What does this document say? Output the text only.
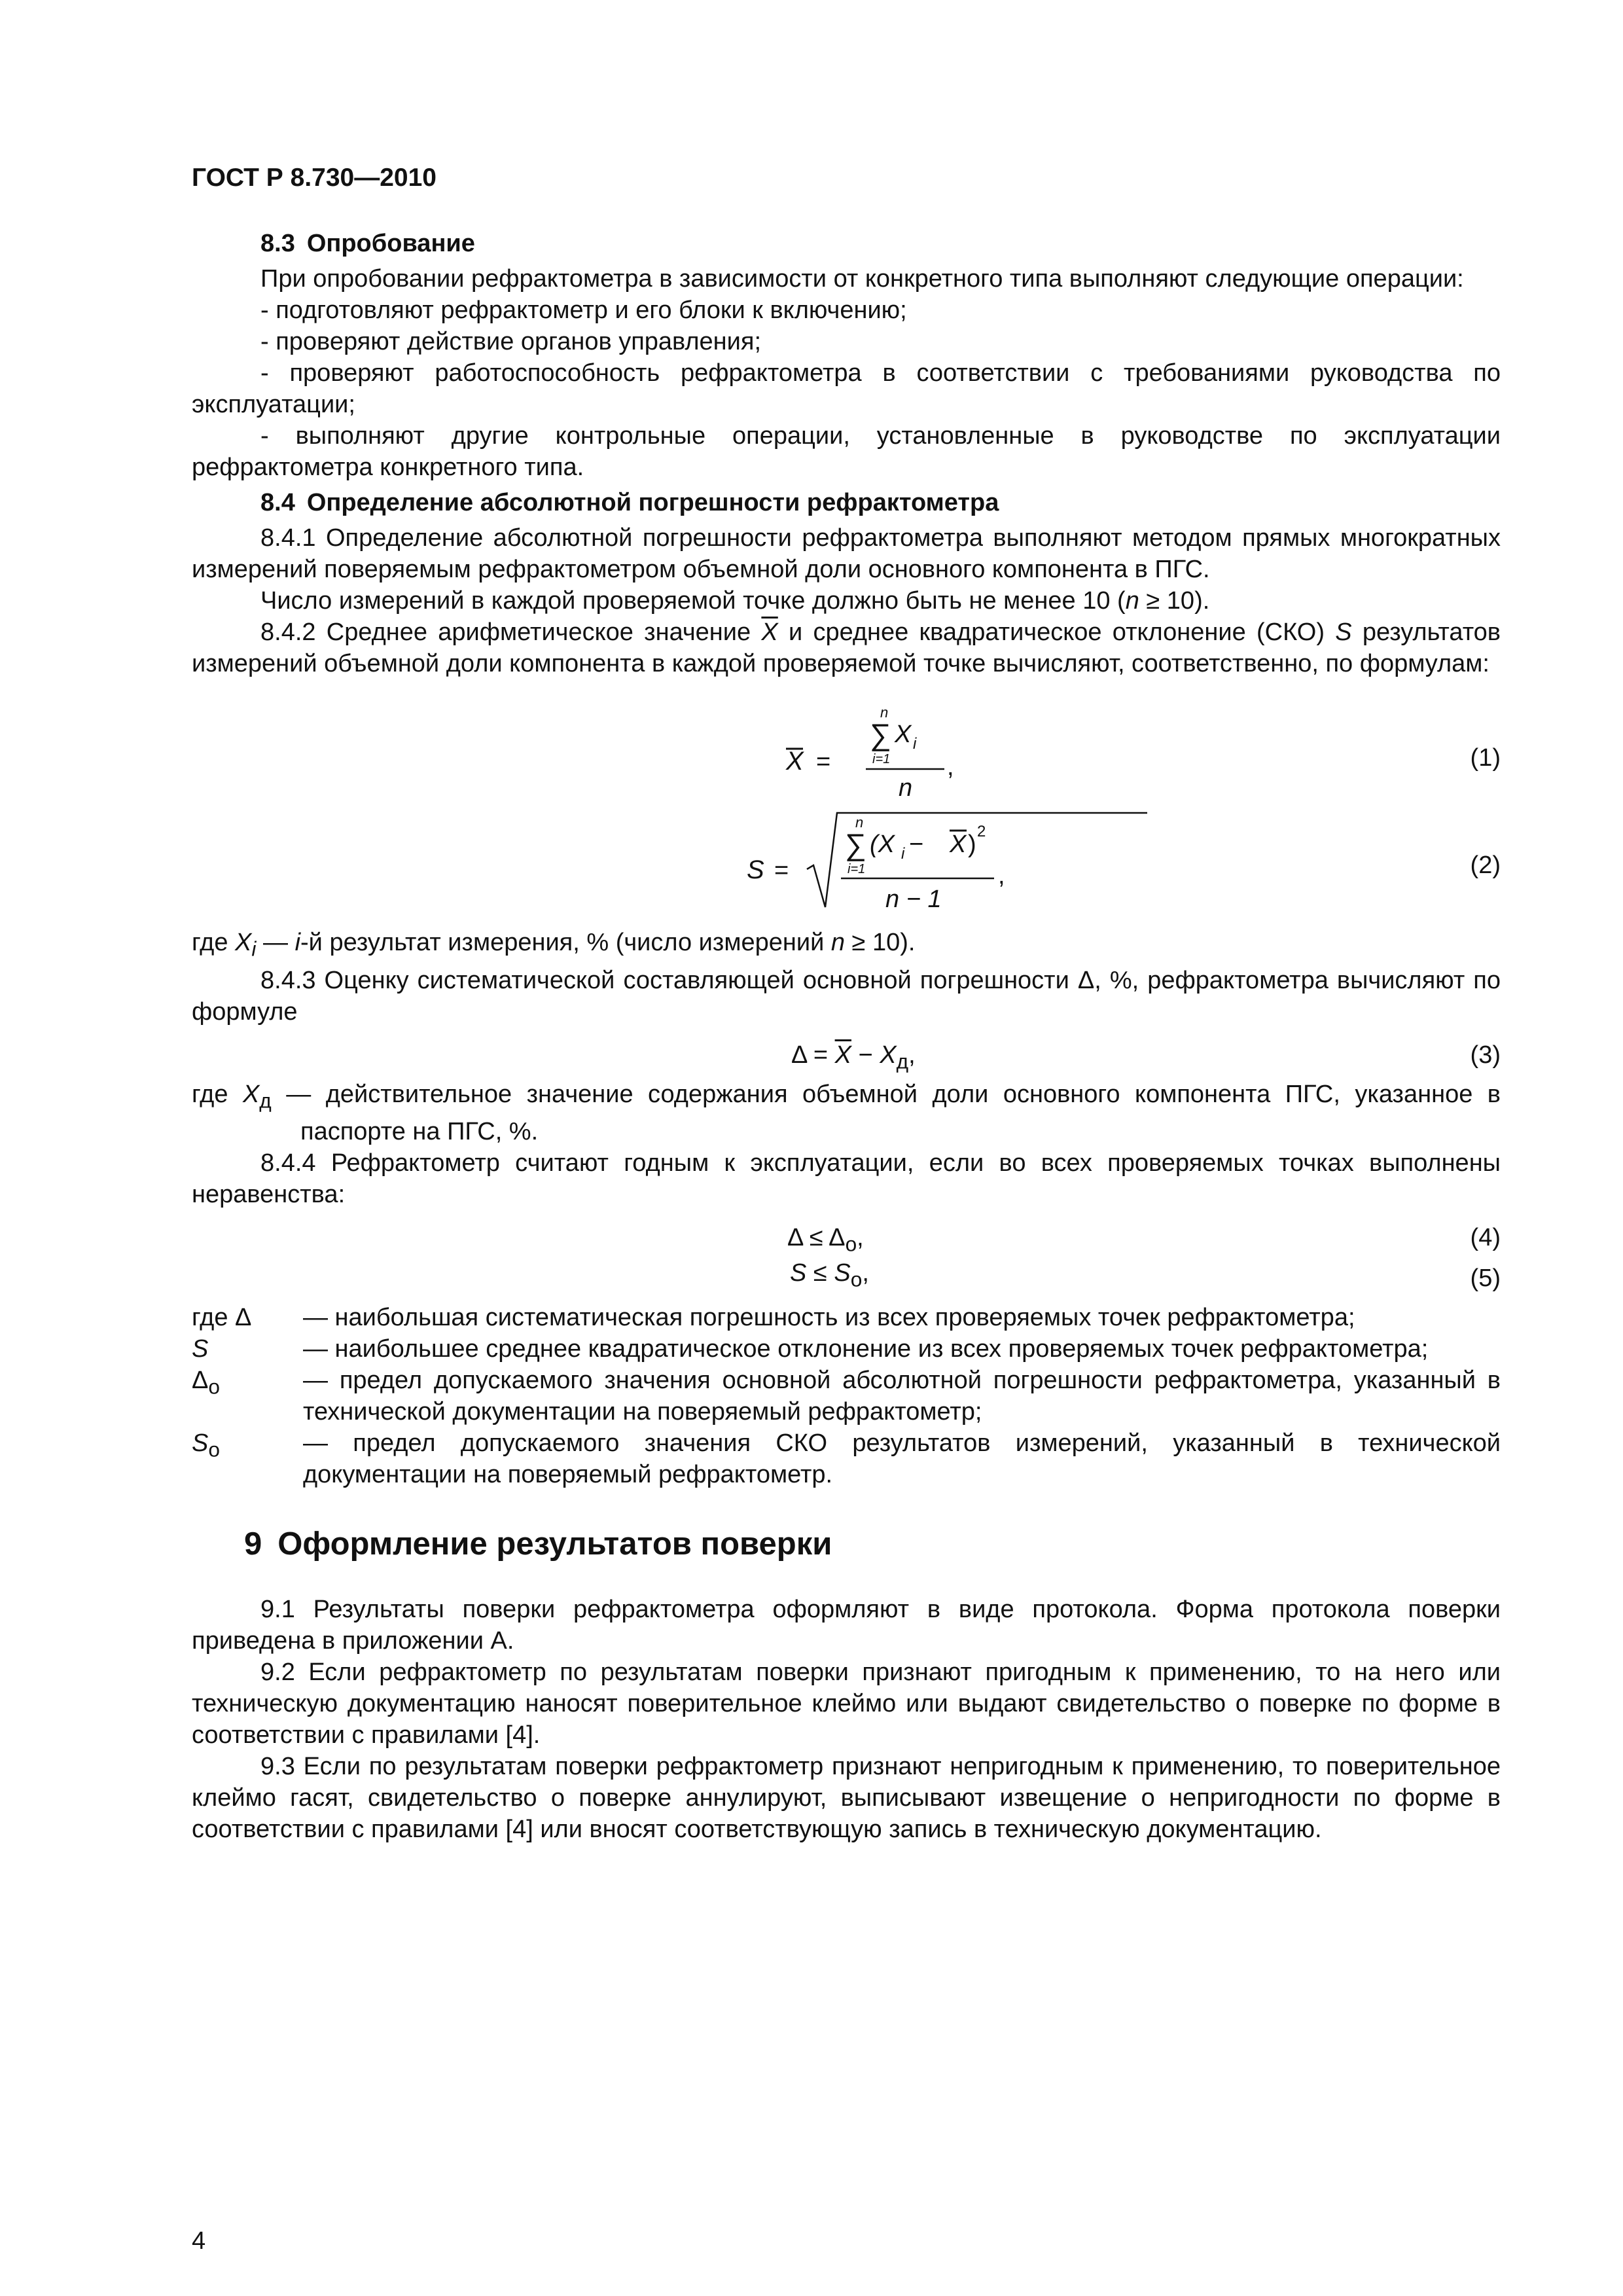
ГОСТ Р 8.730—2010

8.3 Опробование

При опробовании рефрактометра в зависимости от конкретного типа выполняют следующие операции:

- подготовляют рефрактометр и его блоки к включению;

- проверяют действие органов управления;

- проверяют работоспособность рефрактометра в соответствии с требованиями руководства по эксплуатации;

- выполняют другие контрольные операции, установленные в руководстве по эксплуатации рефрактометра конкретного типа.

8.4 Определение абсолютной погрешности рефрактометра

8.4.1 Определение абсолютной погрешности рефрактометра выполняют методом прямых многократных измерений поверяемым рефрактометром объемной доли основного компонента в ПГС.

Число измерений в каждой проверяемой точке должно быть не менее 10 (n ≥ 10).

8.4.2 Среднее арифметическое значение $\overline{X}$ и среднее квадратическое отклонение (СКО) S результатов измерений объемной доли компонента в каждой проверяемой точке вычисляют, соответственно, по формулам:

X =
n
∑ X i
i=1
n
,	(1)
S =
n
∑ (X i − X ) 2
i=1
n − 1
,	(2)

где $X_i$ — i-й результат измерения, % (число измерений n ≥ 10).

8.4.3 Оценку систематической составляющей основной погрешности Δ, %, рефрактометра вычисляют по формуле

$\Delta = \overline{X} - X_д$,	(3)

где $X_д$ — действительное значение содержания объемной доли основного компонента ПГС, указанное в паспорте на ПГС, %.

8.4.4 Рефрактометр считают годным к эксплуатации, если во всех проверяемых точках выполнены неравенства:

$\Delta \le \Delta_о$,	(4)
$S \le S_о$,	(5)

где Δ	— наибольшая систематическая погрешность из всех проверяемых точек рефрактометра;

S	— наибольшее среднее квадратическое отклонение из всех проверяемых точек рефрактометра;

$\Delta_о$	— предел допускаемого значения основной абсолютной погрешности рефрактометра, указанный в технической документации на поверяемый рефрактометр;

$S_о$	— предел допускаемого значения СКО результатов измерений, указанный в технической документации на поверяемый рефрактометр.

9 Оформление результатов поверки

9.1 Результаты поверки рефрактометра оформляют в виде протокола. Форма протокола поверки приведена в приложении А.

9.2 Если рефрактометр по результатам поверки признают пригодным к применению, то на него или техническую документацию наносят поверительное клеймо или выдают свидетельство о поверке по форме в соответствии с правилами [4].

9.3 Если по результатам поверки рефрактометр признают непригодным к применению, то поверительное клеймо гасят, свидетельство о поверке аннулируют, выписывают извещение о непригодности по форме в соответствии с правилами [4] или вносят соответствующую запись в техническую документацию.

4
